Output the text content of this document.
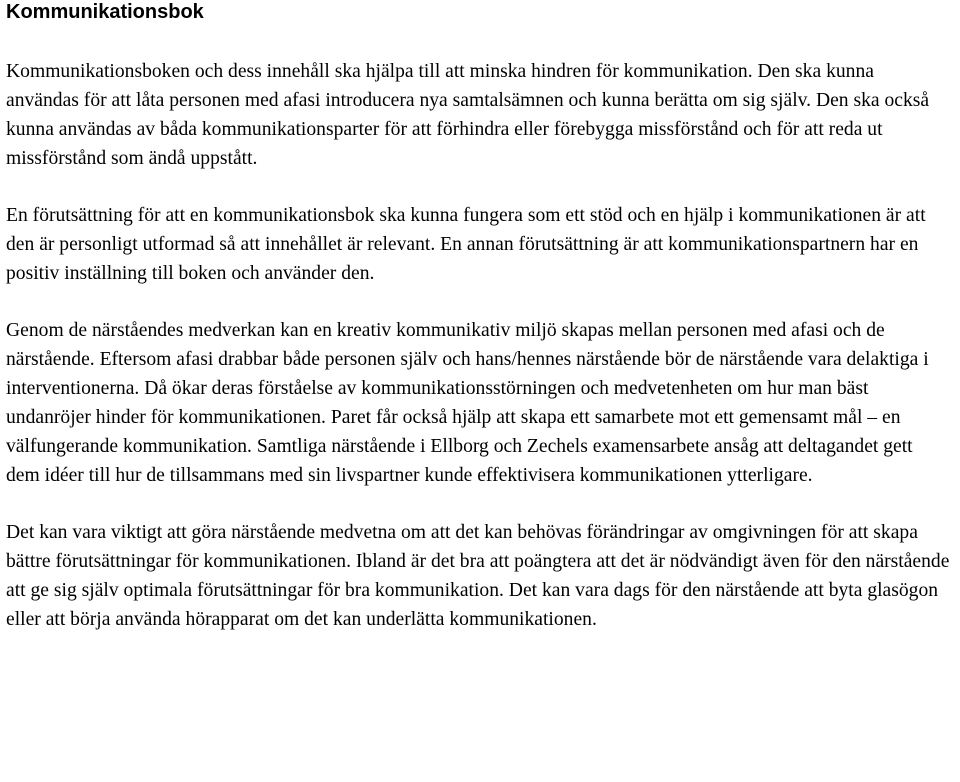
Kommunikationsbok

Kommunikationsboken och dess innehåll ska hjälpa till att minska hindren för kommunikation. Den ska kunna användas för att låta personen med afasi introducera nya samtalsämnen och kunna berätta om sig själv. Den ska också kunna användas av båda kommunikationsparter för att förhindra eller förebygga missförstånd och för att reda ut missförstånd som ändå uppstått.

En förutsättning för att en kommunikationsbok ska kunna fungera som ett stöd och en hjälp i kommunikationen är att den är personligt utformad så att innehållet är relevant. En annan förutsättning är att kommunikationspartnern har en positiv inställning till boken och använder den.

Genom de närståendes medverkan kan en kreativ kommunikativ miljö skapas mellan personen med afasi och de närstående. Eftersom afasi drabbar både personen själv och hans/hennes närstående bör de närstående vara delaktiga i interventionerna. Då ökar deras förståelse av kommunikationsstörningen och medvetenheten om hur man bäst undanröjer hinder för kommunikationen. Paret får också hjälp att skapa ett samarbete mot ett gemensamt mål – en välfungerande kommunikation. Samtliga närstående i Ellborg och Zechels examensarbete ansåg att deltagandet gett dem idéer till hur de tillsammans med sin livspartner kunde effektivisera kommunikationen ytterligare.

Det kan vara viktigt att göra närstående medvetna om att det kan behövas förändringar av omgivningen för att skapa bättre förutsättningar för kommunikationen. Ibland är det bra att poängtera att det är nödvändigt även för den närstående att ge sig själv optimala förutsättningar för bra kommunikation. Det kan vara dags för den närstående att byta glasögon eller att börja använda hörapparat om det kan underlätta kommunikationen.
